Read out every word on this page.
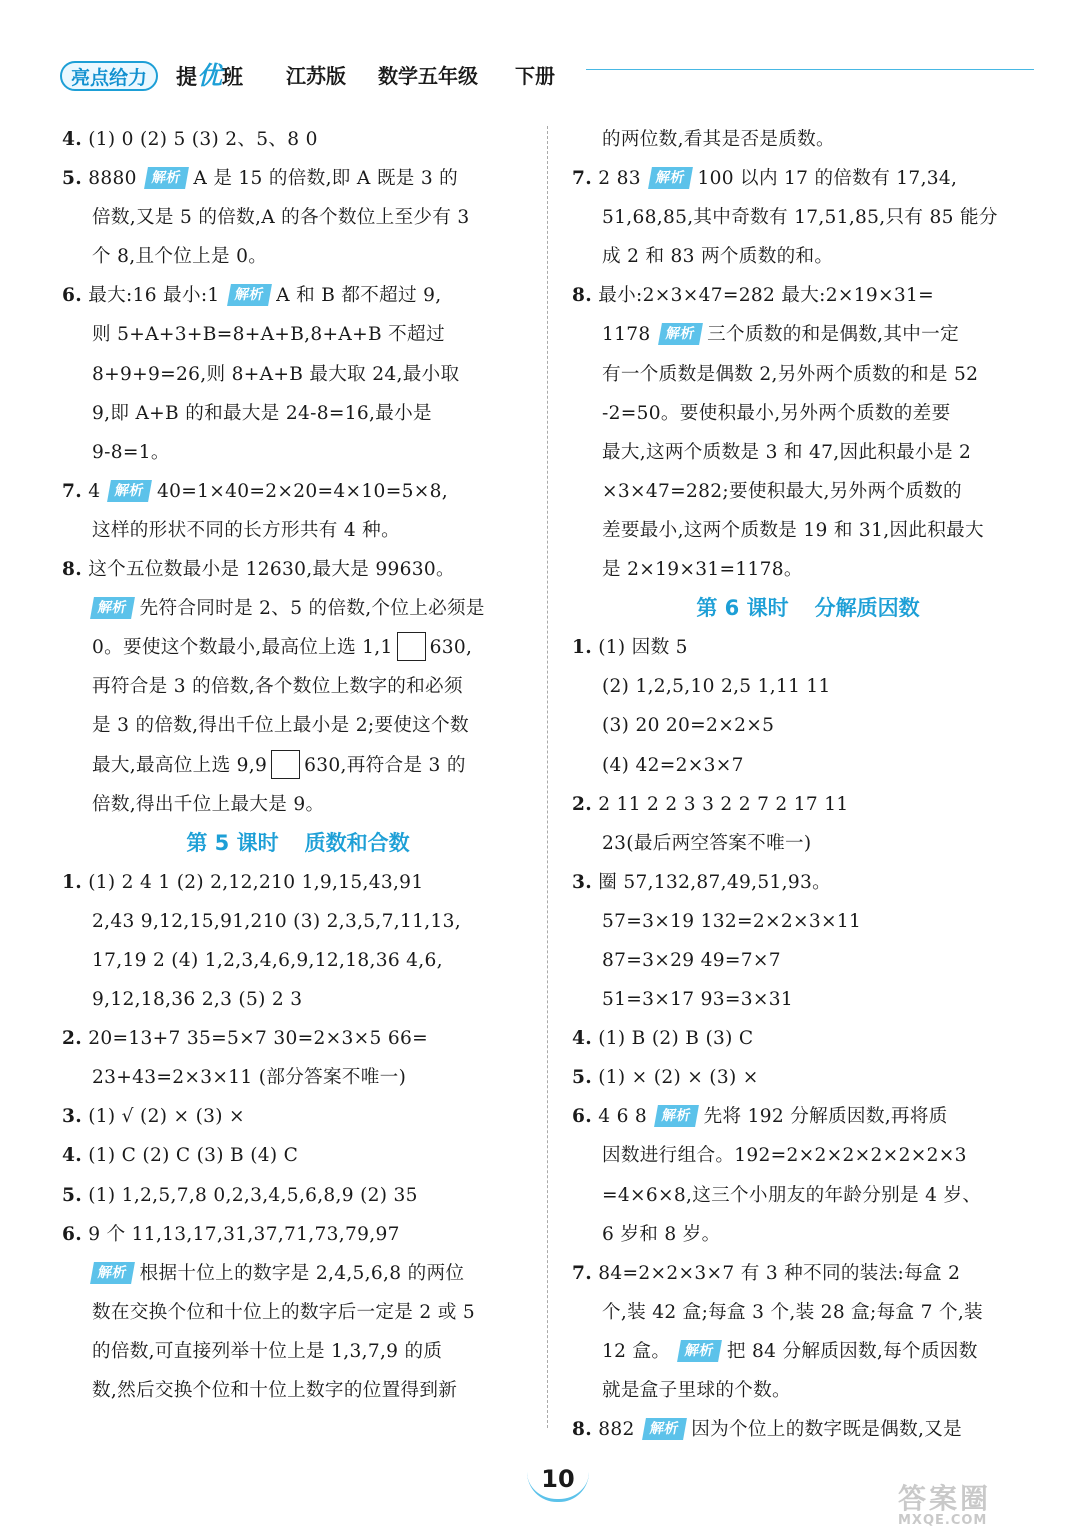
亮点给力	提优班 江苏版 数学五年级 下册
4. (1) 0 (2) 5 (3) 2、5、8 0
5. 8880 解析 A 是 15 的倍数,即 A 既是 3 的
倍数,又是 5 的倍数,A 的各个数位上至少有 3
个 8,且个位上是 0。
6. 最大:16 最小:1 解析 A 和 B 都不超过 9,
则 5+A+3+B=8+A+B,8+A+B 不超过
8+9+9=26,则 8+A+B 最大取 24,最小取
9,即 A+B 的和最大是 24-8=16,最小是
9-8=1。
7. 4 解析 40=1×40=2×20=4×10=5×8,
这样的形状不同的长方形共有 4 种。
8. 这个五位数最小是 12630,最大是 99630。
解析 先符合同时是 2、5 的倍数,个位上必须是
0。要使这个数最小,最高位上选 1,1 630,
再符合是 3 的倍数,各个数位上数字的和必须
是 3 的倍数,得出千位上最小是 2;要使这个数
最大,最高位上选 9,9 630,再符合是 3 的
倍数,得出千位上最大是 9。
第 5 课时 质数和合数
1. (1) 2 4 1 (2) 2,12,210 1,9,15,43,91
2,43 9,12,15,91,210 (3) 2,3,5,7,11,13,
17,19 2 (4) 1,2,3,4,6,9,12,18,36 4,6,
9,12,18,36 2,3 (5) 2 3
2. 20=13+7 35=5×7 30=2×3×5 66=
23+43=2×3×11 (部分答案不唯一)
3. (1) √ (2) × (3) ×
4. (1) C (2) C (3) B (4) C
5. (1) 1,2,5,7,8 0,2,3,4,5,6,8,9 (2) 35
6. 9 个 11,13,17,31,37,71,73,79,97
解析 根据十位上的数字是 2,4,5,6,8 的两位
数在交换个位和十位上的数字后一定是 2 或 5
的倍数,可直接列举十位上是 1,3,7,9 的质
数,然后交换个位和十位上数字的位置得到新
的两位数,看其是否是质数。
7. 2 83 解析 100 以内 17 的倍数有 17,34,
51,68,85,其中奇数有 17,51,85,只有 85 能分
成 2 和 83 两个质数的和。
8. 最小:2×3×47=282 最大:2×19×31=
1178 解析 三个质数的和是偶数,其中一定
有一个质数是偶数 2,另外两个质数的和是 52
-2=50。要使积最小,另外两个质数的差要
最大,这两个质数是 3 和 47,因此积最小是 2
×3×47=282;要使积最大,另外两个质数的
差要最小,这两个质数是 19 和 31,因此积最大
是 2×19×31=1178。
第 6 课时 分解质因数
1. (1) 因数 5
(2) 1,2,5,10 2,5 1,11 11
(3) 20 20=2×2×5
(4) 42=2×3×7
2. 2 11 2 2 3 3 2 2 7 2 17 11
23(最后两空答案不唯一)
3. 圈 57,132,87,49,51,93。
57=3×19 132=2×2×3×11
87=3×29 49=7×7
51=3×17 93=3×31
4. (1) B (2) B (3) C
5. (1) × (2) × (3) ×
6. 4 6 8 解析 先将 192 分解质因数,再将质
因数进行组合。192=2×2×2×2×2×2×3
=4×6×8,这三个小朋友的年龄分别是 4 岁、
6 岁和 8 岁。
7. 84=2×2×3×7 有 3 种不同的装法:每盒 2
个,装 42 盒;每盒 3 个,装 28 盒;每盒 7 个,装
12 盒。 解析 把 84 分解质因数,每个质因数
就是盒子里球的个数。
8. 882 解析 因为个位上的数字既是偶数,又是
10
答案圈
MXQE.COM
